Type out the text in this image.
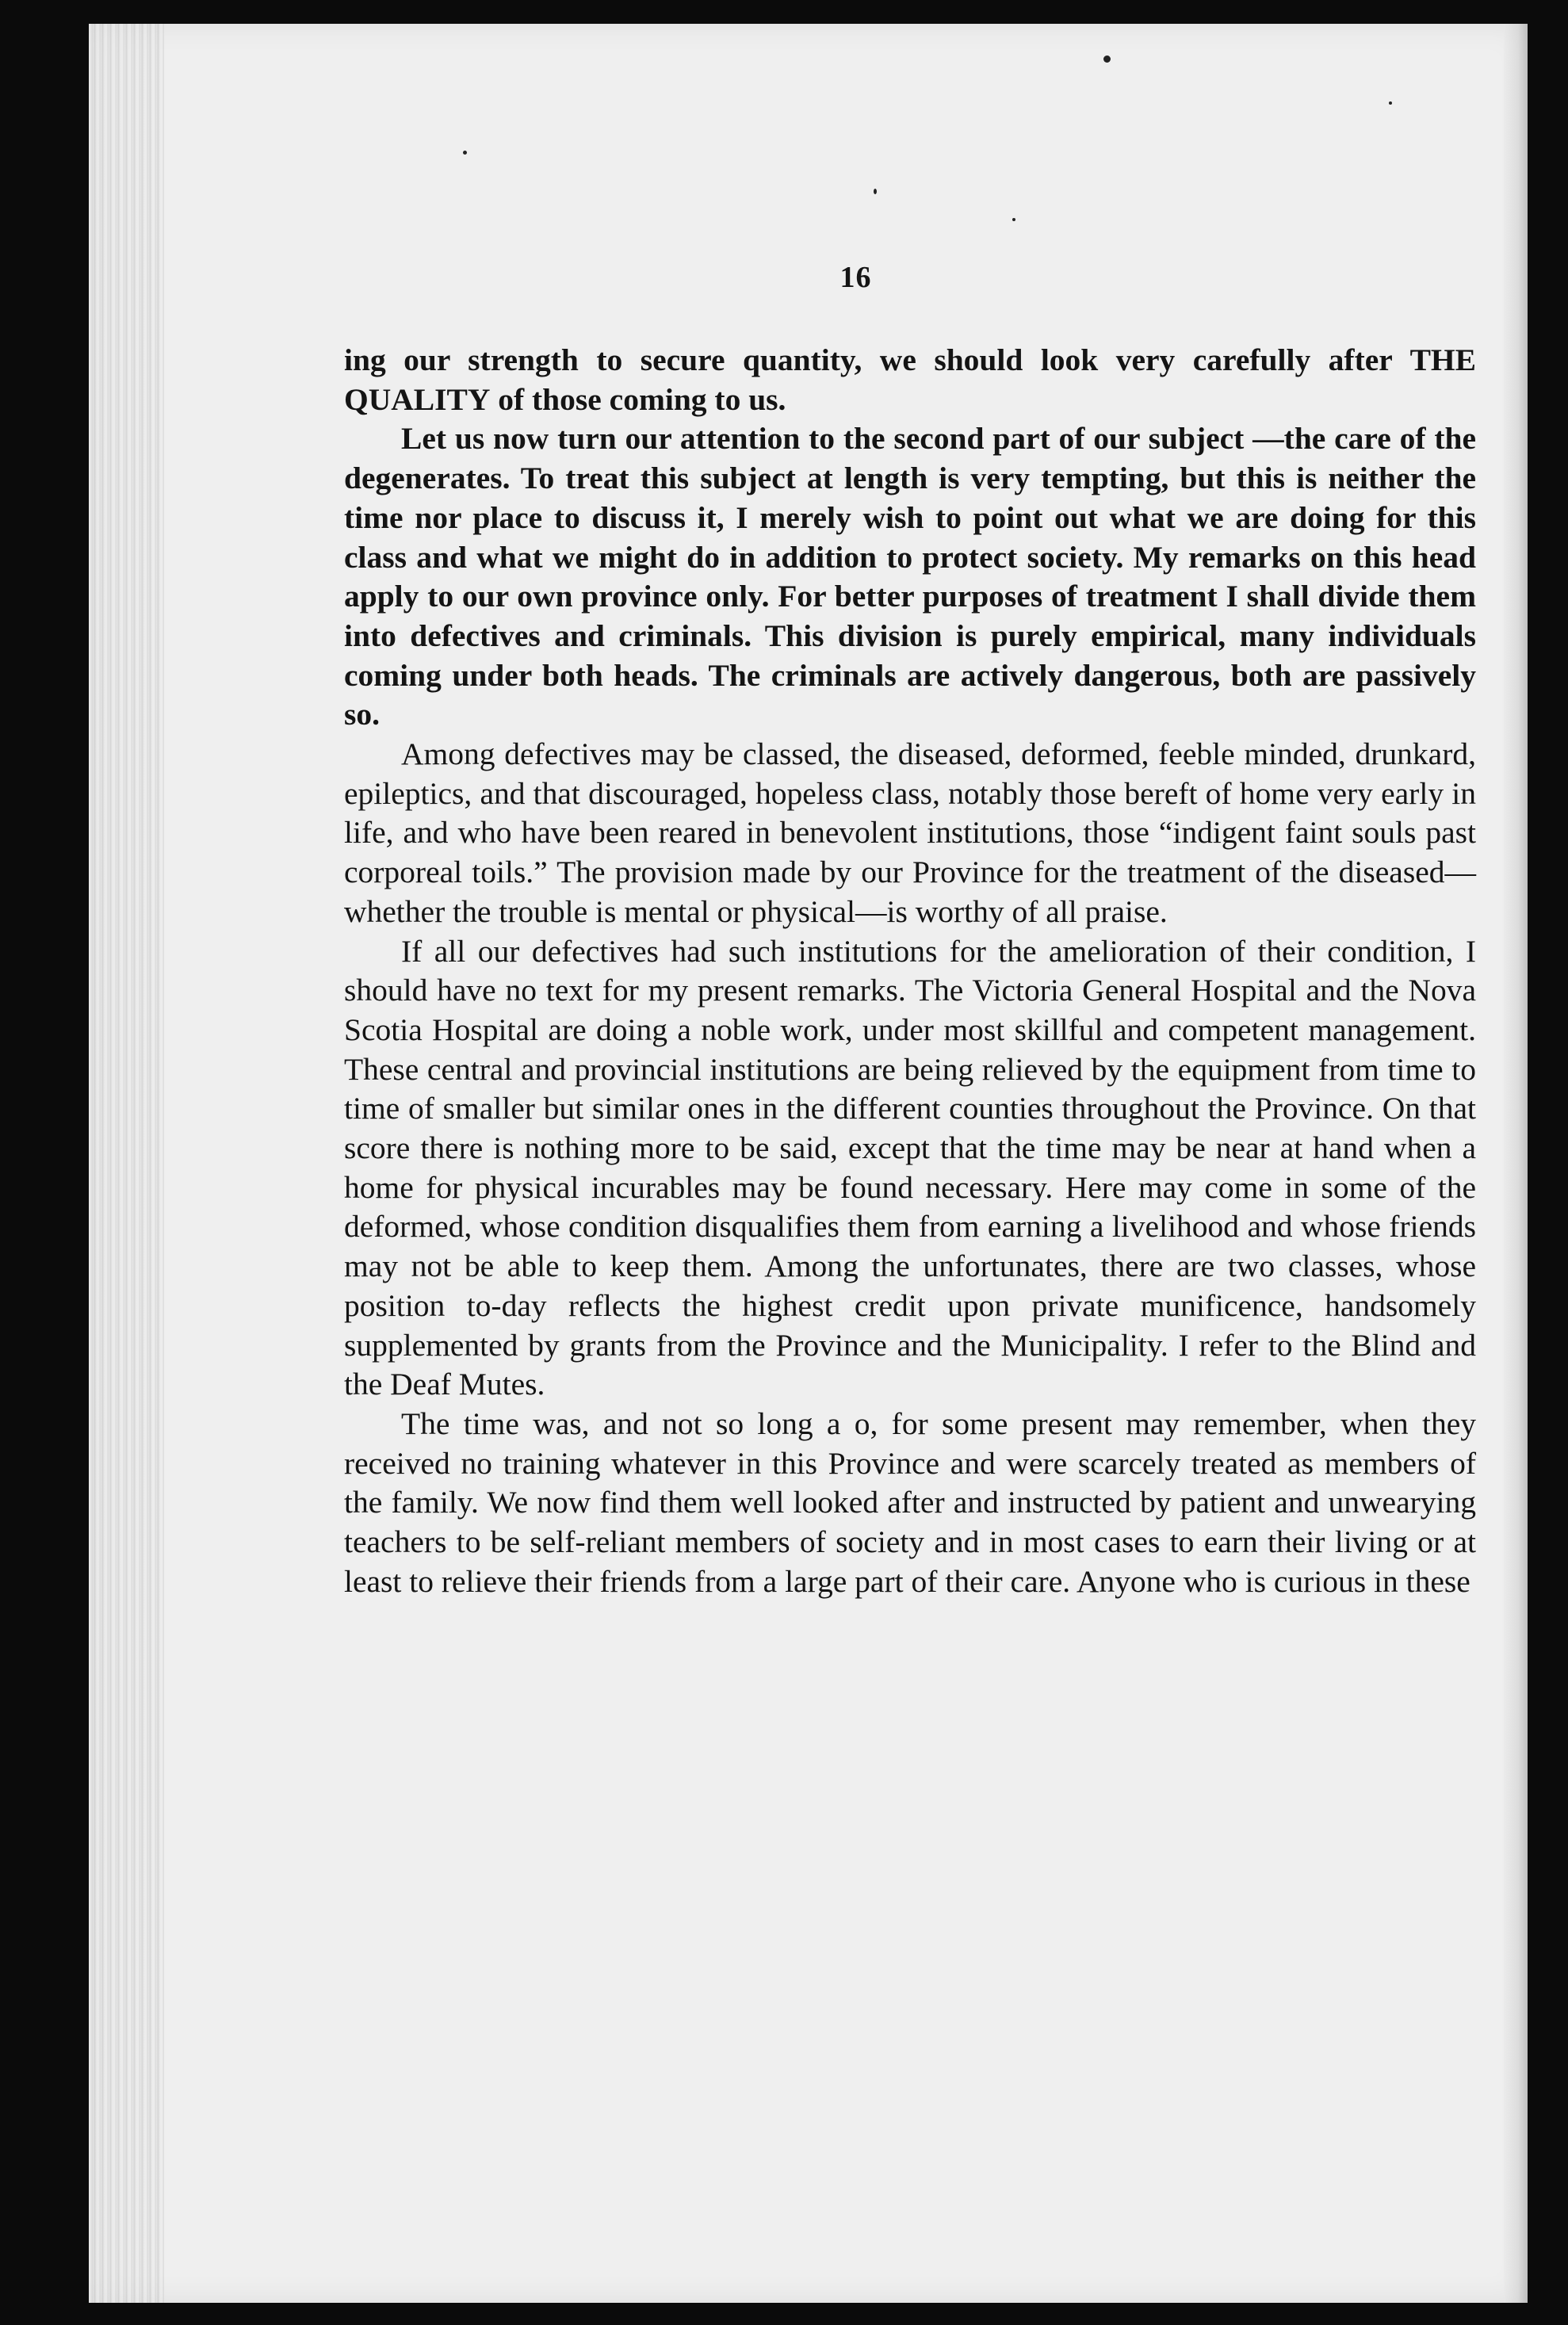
16

ing our strength to secure quantity, we should look very carefully after THE QUALITY of those coming to us.

Let us now turn our attention to the second part of our subject —the care of the degenerates. To treat this subject at length is very tempting, but this is neither the time nor place to discuss it, I merely wish to point out what we are doing for this class and what we might do in addition to protect society. My remarks on this head apply to our own province only. For better purposes of treatment I shall divide them into defectives and criminals. This division is purely empirical, many individuals coming under both heads. The criminals are actively dangerous, both are passively so.

Among defectives may be classed, the diseased, deformed, feeble minded, drunkard, epileptics, and that discouraged, hopeless class, notably those bereft of home very early in life, and who have been reared in benevolent institutions, those “indigent faint souls past corporeal toils.” The provision made by our Province for the treatment of the diseased—whether the trouble is mental or physical—is worthy of all praise.

If all our defectives had such institutions for the amelioration of their condition, I should have no text for my present remarks. The Victoria General Hospital and the Nova Scotia Hospital are doing a noble work, under most skillful and competent management. These central and provincial institutions are being relieved by the equipment from time to time of smaller but similar ones in the different counties throughout the Province. On that score there is nothing more to be said, except that the time may be near at hand when a home for physical incurables may be found necessary. Here may come in some of the deformed, whose condition disqualifies them from earning a livelihood and whose friends may not be able to keep them. Among the unfortunates, there are two classes, whose position to-day reflects the highest credit upon private munificence, handsomely supplemented by grants from the Province and the Municipality. I refer to the Blind and the Deaf Mutes.

The time was, and not so long a o, for some present may remember, when they received no training whatever in this Province and were scarcely treated as members of the family. We now find them well looked after and instructed by patient and unwearying teachers to be self-reliant members of society and in most cases to earn their living or at least to relieve their friends from a large part of their care. Anyone who is curious in these
